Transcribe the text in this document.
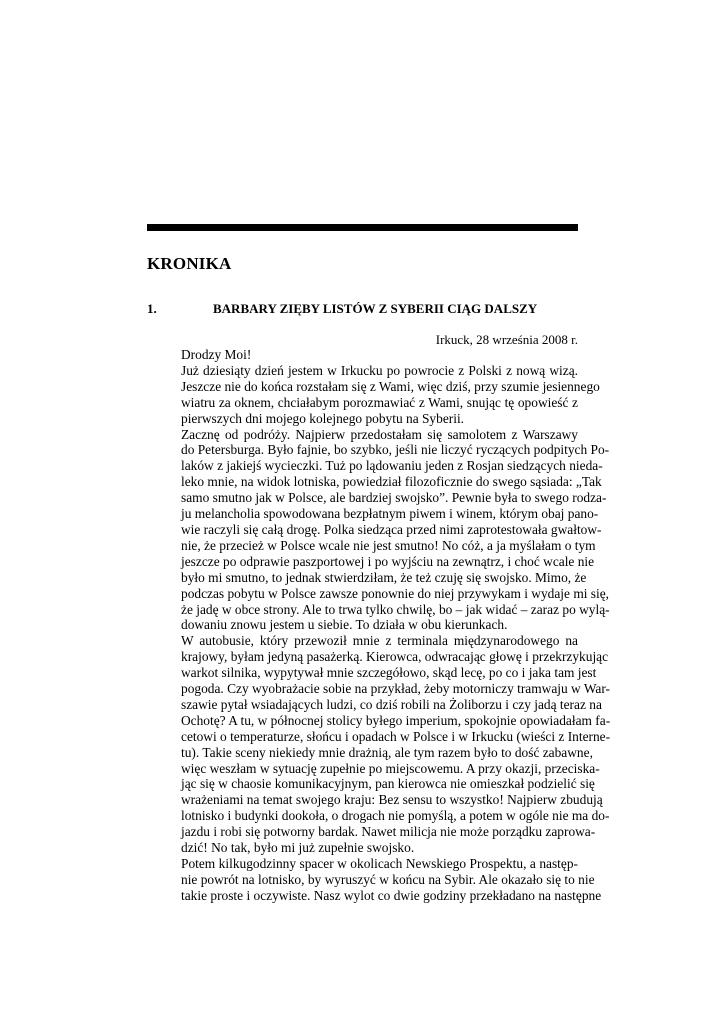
KRONIKA
1.	BARBARY ZIĘBY LISTÓW Z SYBERII CIĄG DALSZY

Irkuck, 28 września 2008 r.

Drodzy Moi!

Już dziesiąty dzień jestem w Irkucku po powrocie z Polski z nową wizą.
Jeszcze nie do końca rozstałam się z Wami, więc dziś, przy szumie jesiennego
wiatru za oknem, chciałabym porozmawiać z Wami, snując tę opowieść z
pierwszych dni mojego kolejnego pobytu na Syberii.

Zacznę od podróży. Najpierw przedostałam się samolotem z Warszawy
do Petersburga. Było fajnie, bo szybko, jeśli nie liczyć ryczących podpitych Po-
laków z jakiejś wycieczki. Tuż po lądowaniu jeden z Rosjan siedzących nieda-
leko mnie, na widok lotniska, powiedział filozoficznie do swego sąsiada: „Tak
samo smutno jak w Polsce, ale bardziej swojsko”. Pewnie była to swego rodza-
ju melancholia spowodowana bezpłatnym piwem i winem, którym obaj pano-
wie raczyli się całą drogę. Polka siedząca przed nimi zaprotestowała gwałtow-
nie, że przecież w Polsce wcale nie jest smutno! No cóż, a ja myślałam o tym
jeszcze po odprawie paszportowej i po wyjściu na zewnątrz, i choć wcale nie
było mi smutno, to jednak stwierdziłam, że też czuję się swojsko. Mimo, że
podczas pobytu w Polsce zawsze ponownie do niej przywykam i wydaje mi się,
że jadę w obce strony. Ale to trwa tylko chwilę, bo – jak widać – zaraz po wylą-
dowaniu znowu jestem u siebie. To działa w obu kierunkach.

W autobusie, który przewoził mnie z terminala międzynarodowego na
krajowy, byłam jedyną pasażerką. Kierowca, odwracając głowę i przekrzykując
warkot silnika, wypytywał mnie szczegółowo, skąd lecę, po co i jaka tam jest
pogoda. Czy wyobrażacie sobie na przykład, żeby motorniczy tramwaju w War-
szawie pytał wsiadających ludzi, co dziś robili na Żoliborzu i czy jadą teraz na
Ochotę? A tu, w północnej stolicy byłego imperium, spokojnie opowiadałam fa-
cetowi o temperaturze, słońcu i opadach w Polsce i w Irkucku (wieści z Interne-
tu). Takie sceny niekiedy mnie drażnią, ale tym razem było to dość zabawne,
więc weszłam w sytuację zupełnie po miejscowemu. A przy okazji, przeciska-
jąc się w chaosie komunikacyjnym, pan kierowca nie omieszkał podzielić się
wrażeniami na temat swojego kraju: Bez sensu to wszystko! Najpierw zbudują
lotnisko i budynki dookoła, o drogach nie pomyślą, a potem w ogóle nie ma do-
jazdu i robi się potworny bardak. Nawet milicja nie może porządku zaprowa-
dzić! No tak, było mi już zupełnie swojsko.

Potem kilkugodzinny spacer w okolicach Newskiego Prospektu, a następ-
nie powrót na lotnisko, by wyruszyć w końcu na Sybir. Ale okazało się to nie
takie proste i oczywiste. Nasz wylot co dwie godziny przekładano na następne
